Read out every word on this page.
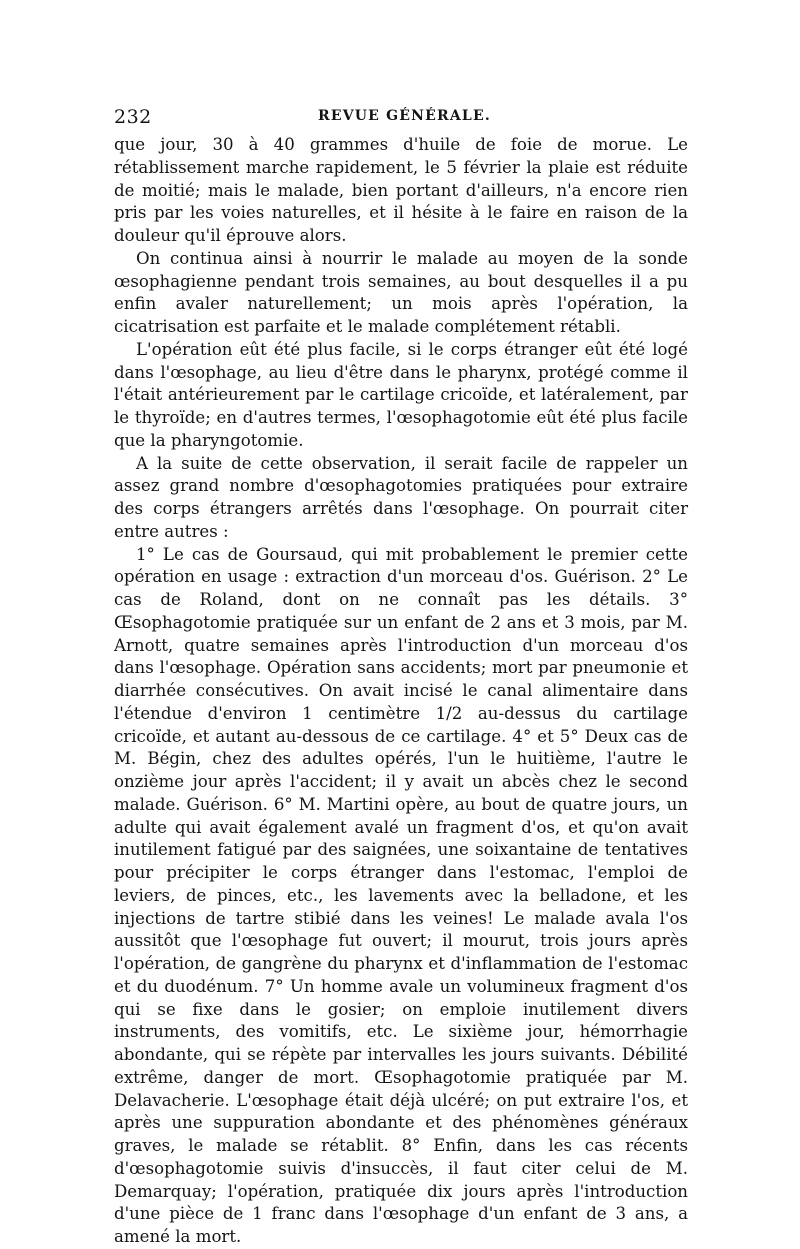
232	REVUE GÉNÉRALE.

que jour, 30 à 40 grammes d'huile de foie de morue. Le rétablissement marche rapidement, le 5 février la plaie est réduite de moitié; mais le malade, bien portant d'ailleurs, n'a encore rien pris par les voies naturelles, et il hésite à le faire en raison de la douleur qu'il éprouve alors.

On continua ainsi à nourrir le malade au moyen de la sonde œsophagienne pendant trois semaines, au bout desquelles il a pu enfin avaler naturellement; un mois après l'opération, la cicatrisation est parfaite et le malade complétement rétabli.

L'opération eût été plus facile, si le corps étranger eût été logé dans l'œsophage, au lieu d'être dans le pharynx, protégé comme il l'était antérieurement par le cartilage cricoïde, et latéralement, par le thyroïde; en d'autres termes, l'œsophagotomie eût été plus facile que la pharyngotomie.

A la suite de cette observation, il serait facile de rappeler un assez grand nombre d'œsophagotomies pratiquées pour extraire des corps étrangers arrêtés dans l'œsophage. On pourrait citer entre autres :

1° Le cas de Goursaud, qui mit probablement le premier cette opération en usage : extraction d'un morceau d'os. Guérison. 2° Le cas de Roland, dont on ne connaît pas les détails. 3° Œsophagotomie pratiquée sur un enfant de 2 ans et 3 mois, par M. Arnott, quatre semaines après l'introduction d'un morceau d'os dans l'œsophage. Opération sans accidents; mort par pneumonie et diarrhée consécutives. On avait incisé le canal alimentaire dans l'étendue d'environ 1 centimètre 1/2 au-dessus du cartilage cricoïde, et autant au-dessous de ce cartilage. 4° et 5° Deux cas de M. Bégin, chez des adultes opérés, l'un le huitième, l'autre le onzième jour après l'accident; il y avait un abcès chez le second malade. Guérison. 6° M. Martini opère, au bout de quatre jours, un adulte qui avait également avalé un fragment d'os, et qu'on avait inutilement fatigué par des saignées, une soixantaine de tentatives pour précipiter le corps étranger dans l'estomac, l'emploi de leviers, de pinces, etc., les lavements avec la belladone, et les injections de tartre stibié dans les veines! Le malade avala l'os aussitôt que l'œsophage fut ouvert; il mourut, trois jours après l'opération, de gangrène du pharynx et d'inflammation de l'estomac et du duodénum. 7° Un homme avale un volumineux fragment d'os qui se fixe dans le gosier; on emploie inutilement divers instruments, des vomitifs, etc. Le sixième jour, hémorrhagie abondante, qui se répète par intervalles les jours suivants. Débilité extrême, danger de mort. Œsophagotomie pratiquée par M. Delavacherie. L'œsophage était déjà ulcéré; on put extraire l'os, et après une suppuration abondante et des phénomènes généraux graves, le malade se rétablit. 8° Enfin, dans les cas récents d'œsophagotomie suivis d'insuccès, il faut citer celui de M. Demarquay; l'opération, pratiquée dix jours après l'introduction d'une pièce de 1 franc dans l'œsophage d'un enfant de 3 ans, a amené la mort.
